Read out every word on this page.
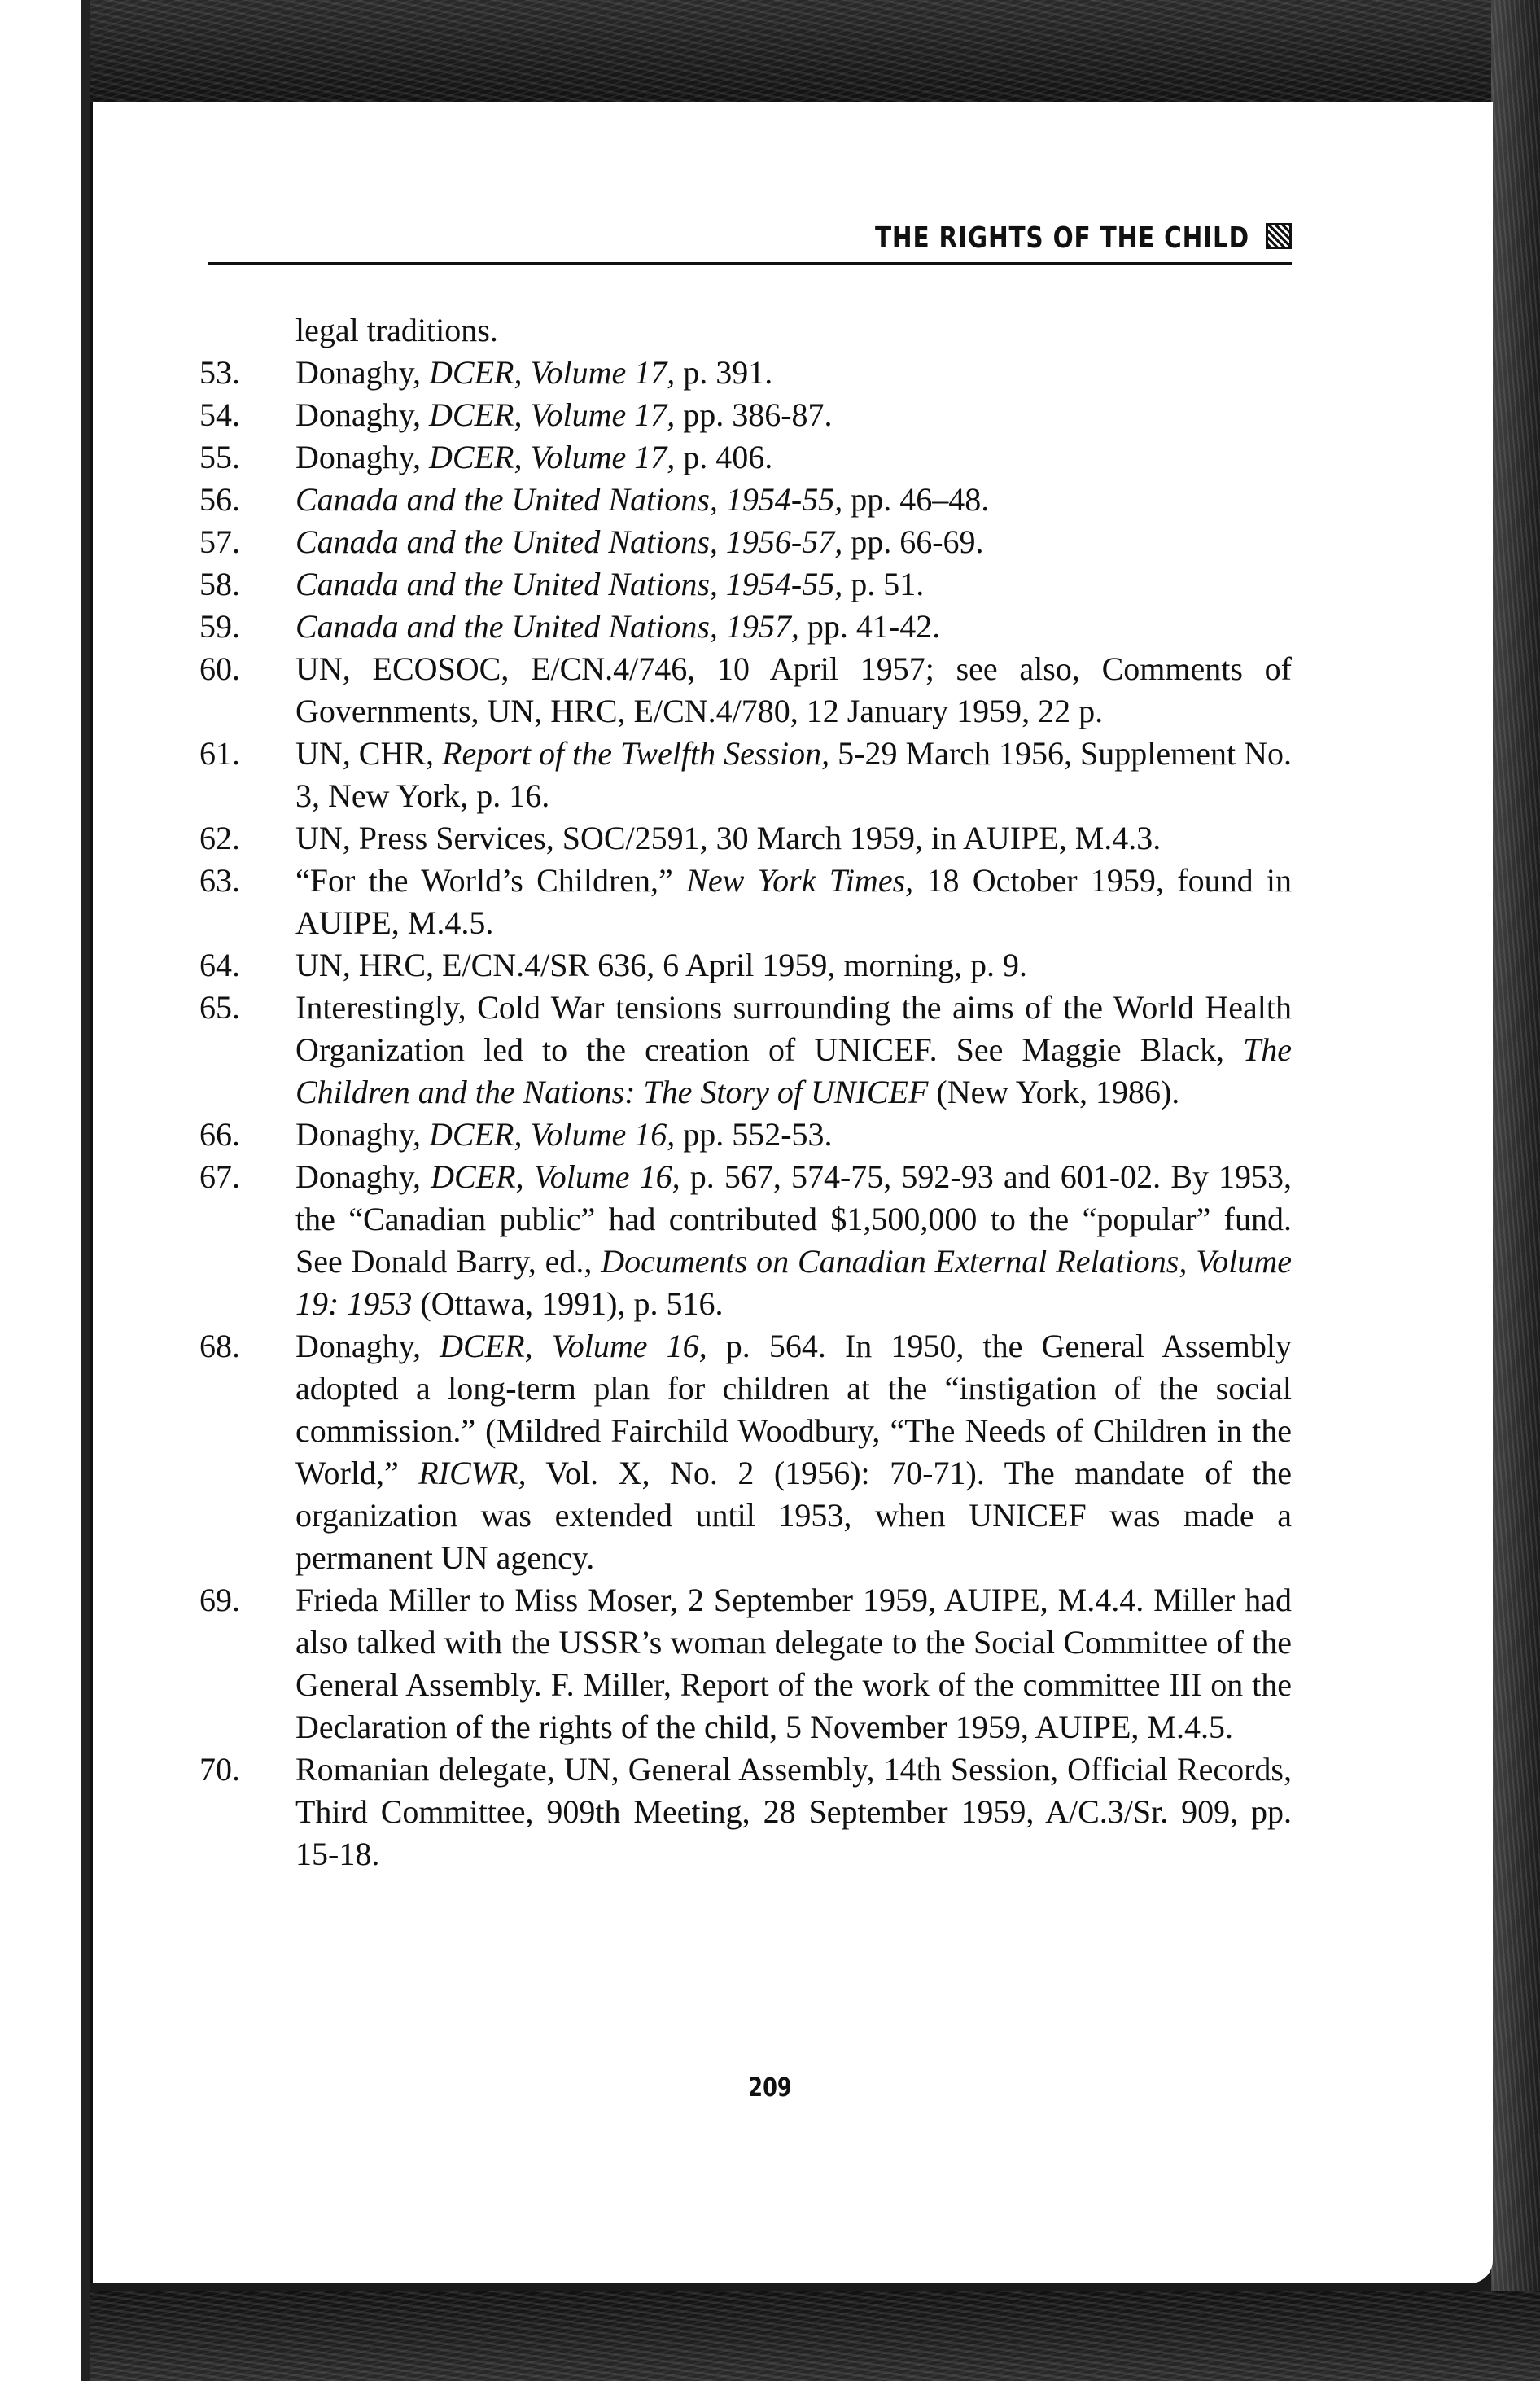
THE RIGHTS OF THE CHILD
legal traditions.
53.	Donaghy, DCER, Volume 17, p. 391.
54.	Donaghy, DCER, Volume 17, pp. 386-87.
55.	Donaghy, DCER, Volume 17, p. 406.
56.	Canada and the United Nations, 1954-55, pp. 46–48.
57.	Canada and the United Nations, 1956-57, pp. 66-69.
58.	Canada and the United Nations, 1954-55, p. 51.
59.	Canada and the United Nations, 1957, pp. 41-42.
60.	UN, ECOSOC, E/CN.4/746, 10 April 1957; see also, Comments of Governments, UN, HRC, E/CN.4/780, 12 January 1959, 22 p.
61.	UN, CHR, Report of the Twelfth Session, 5-29 March 1956, Supplement No. 3, New York, p. 16.
62.	UN, Press Services, SOC/2591, 30 March 1959, in AUIPE, M.4.3.
63.	“For the World’s Children,” New York Times, 18 October 1959, found in AUIPE, M.4.5.
64.	UN, HRC, E/CN.4/SR 636, 6 April 1959, morning, p. 9.
65.	Interestingly, Cold War tensions surrounding the aims of the World Health Organization led to the creation of UNICEF. See Maggie Black, The Children and the Nations: The Story of UNICEF (New York, 1986).
66.	Donaghy, DCER, Volume 16, pp. 552-53.
67.	Donaghy, DCER, Volume 16, p. 567, 574-75, 592-93 and 601-02. By 1953, the “Canadian public” had contributed $1,500,000 to the “popular” fund. See Donald Barry, ed., Documents on Canadian External Relations, Volume 19: 1953 (Ottawa, 1991), p. 516.
68.	Donaghy, DCER, Volume 16, p. 564. In 1950, the General Assembly adopted a long-term plan for children at the “instigation of the social commission.” (Mildred Fairchild Woodbury, “The Needs of Children in the World,” RICWR, Vol. X, No. 2 (1956): 70-71). The mandate of the organization was extended until 1953, when UNICEF was made a permanent UN agency.
69.	Frieda Miller to Miss Moser, 2 September 1959, AUIPE, M.4.4. Miller had also talked with the USSR’s woman delegate to the Social Committee of the General Assembly. F. Miller, Report of the work of the committee III on the Declaration of the rights of the child, 5 November 1959, AUIPE, M.4.5.
70.	Romanian delegate, UN, General Assembly, 14th Session, Official Records, Third Committee, 909th Meeting, 28 September 1959, A/C.3/Sr. 909, pp. 15-18.
209
